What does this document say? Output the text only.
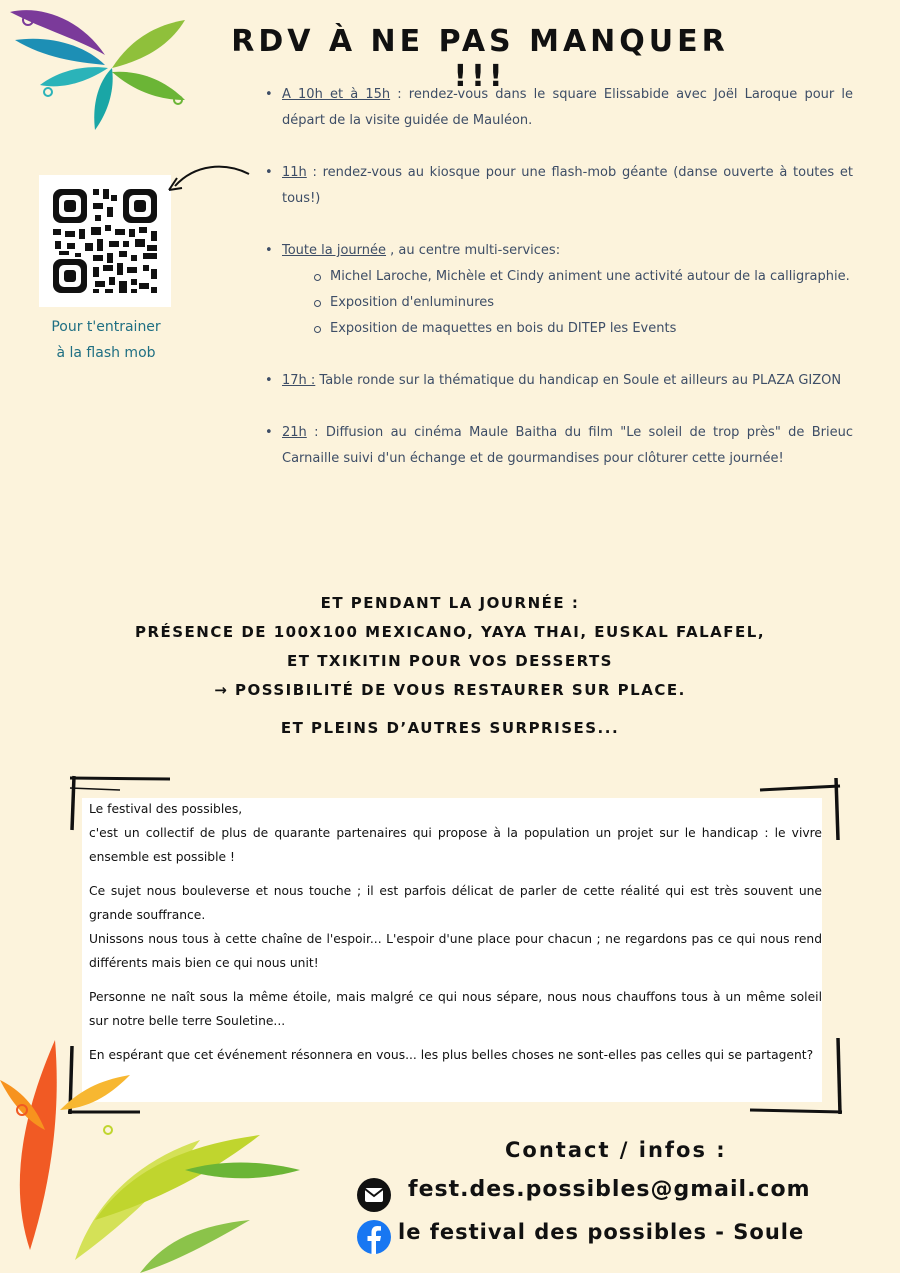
RDV À NE PAS MANQUER !!!
Pour t'entrainer
à la flash mob
• A 10h et à 15h : rendez-vous dans le square Elissabide avec Joël Laroque pour le départ de la visite guidée de Mauléon.
• 11h : rendez-vous au kiosque pour une flash-mob géante (danse ouverte à toutes et tous!)
• Toute la journée , au centre multi-services:
Michel Laroche, Michèle et Cindy animent une activité autour de la calligraphie.
Exposition d'enluminures
Exposition de maquettes en bois du DITEP les Events
• 17h : Table ronde sur la thématique du handicap en Soule et ailleurs au PLAZA GIZON
• 21h : Diffusion au cinéma Maule Baitha du film "Le soleil de trop près" de Brieuc Carnaille suivi d'un échange et de gourmandises pour clôturer cette journée!
ET PENDANT LA JOURNÉE :
PRÉSENCE DE 100X100 MEXICANO, YAYA THAI, EUSKAL FALAFEL,
ET TXIKITIN POUR VOS DESSERTS
→ POSSIBILITÉ DE VOUS RESTAURER SUR PLACE.
ET PLEINS D’AUTRES SURPRISES...

Le festival des possibles,
c'est un collectif de plus de quarante partenaires qui propose à la population un projet sur le handicap : le vivre ensemble est possible !

Ce sujet nous bouleverse et nous touche ; il est parfois délicat de parler de cette réalité qui est très souvent une grande souffrance.
Unissons nous tous à cette chaîne de l'espoir... L'espoir d'une place pour chacun ; ne regardons pas ce qui nous rend différents mais bien ce qui nous unit!

Personne ne naît sous la même étoile, mais malgré ce qui nous sépare, nous nous chauffons tous à un même soleil sur notre belle terre Souletine...

En espérant que cet événement résonnera en vous... les plus belles choses ne sont-elles pas celles qui se partagent?

Contact / infos :
fest.des.possibles@gmail.com
le festival des possibles - Soule
